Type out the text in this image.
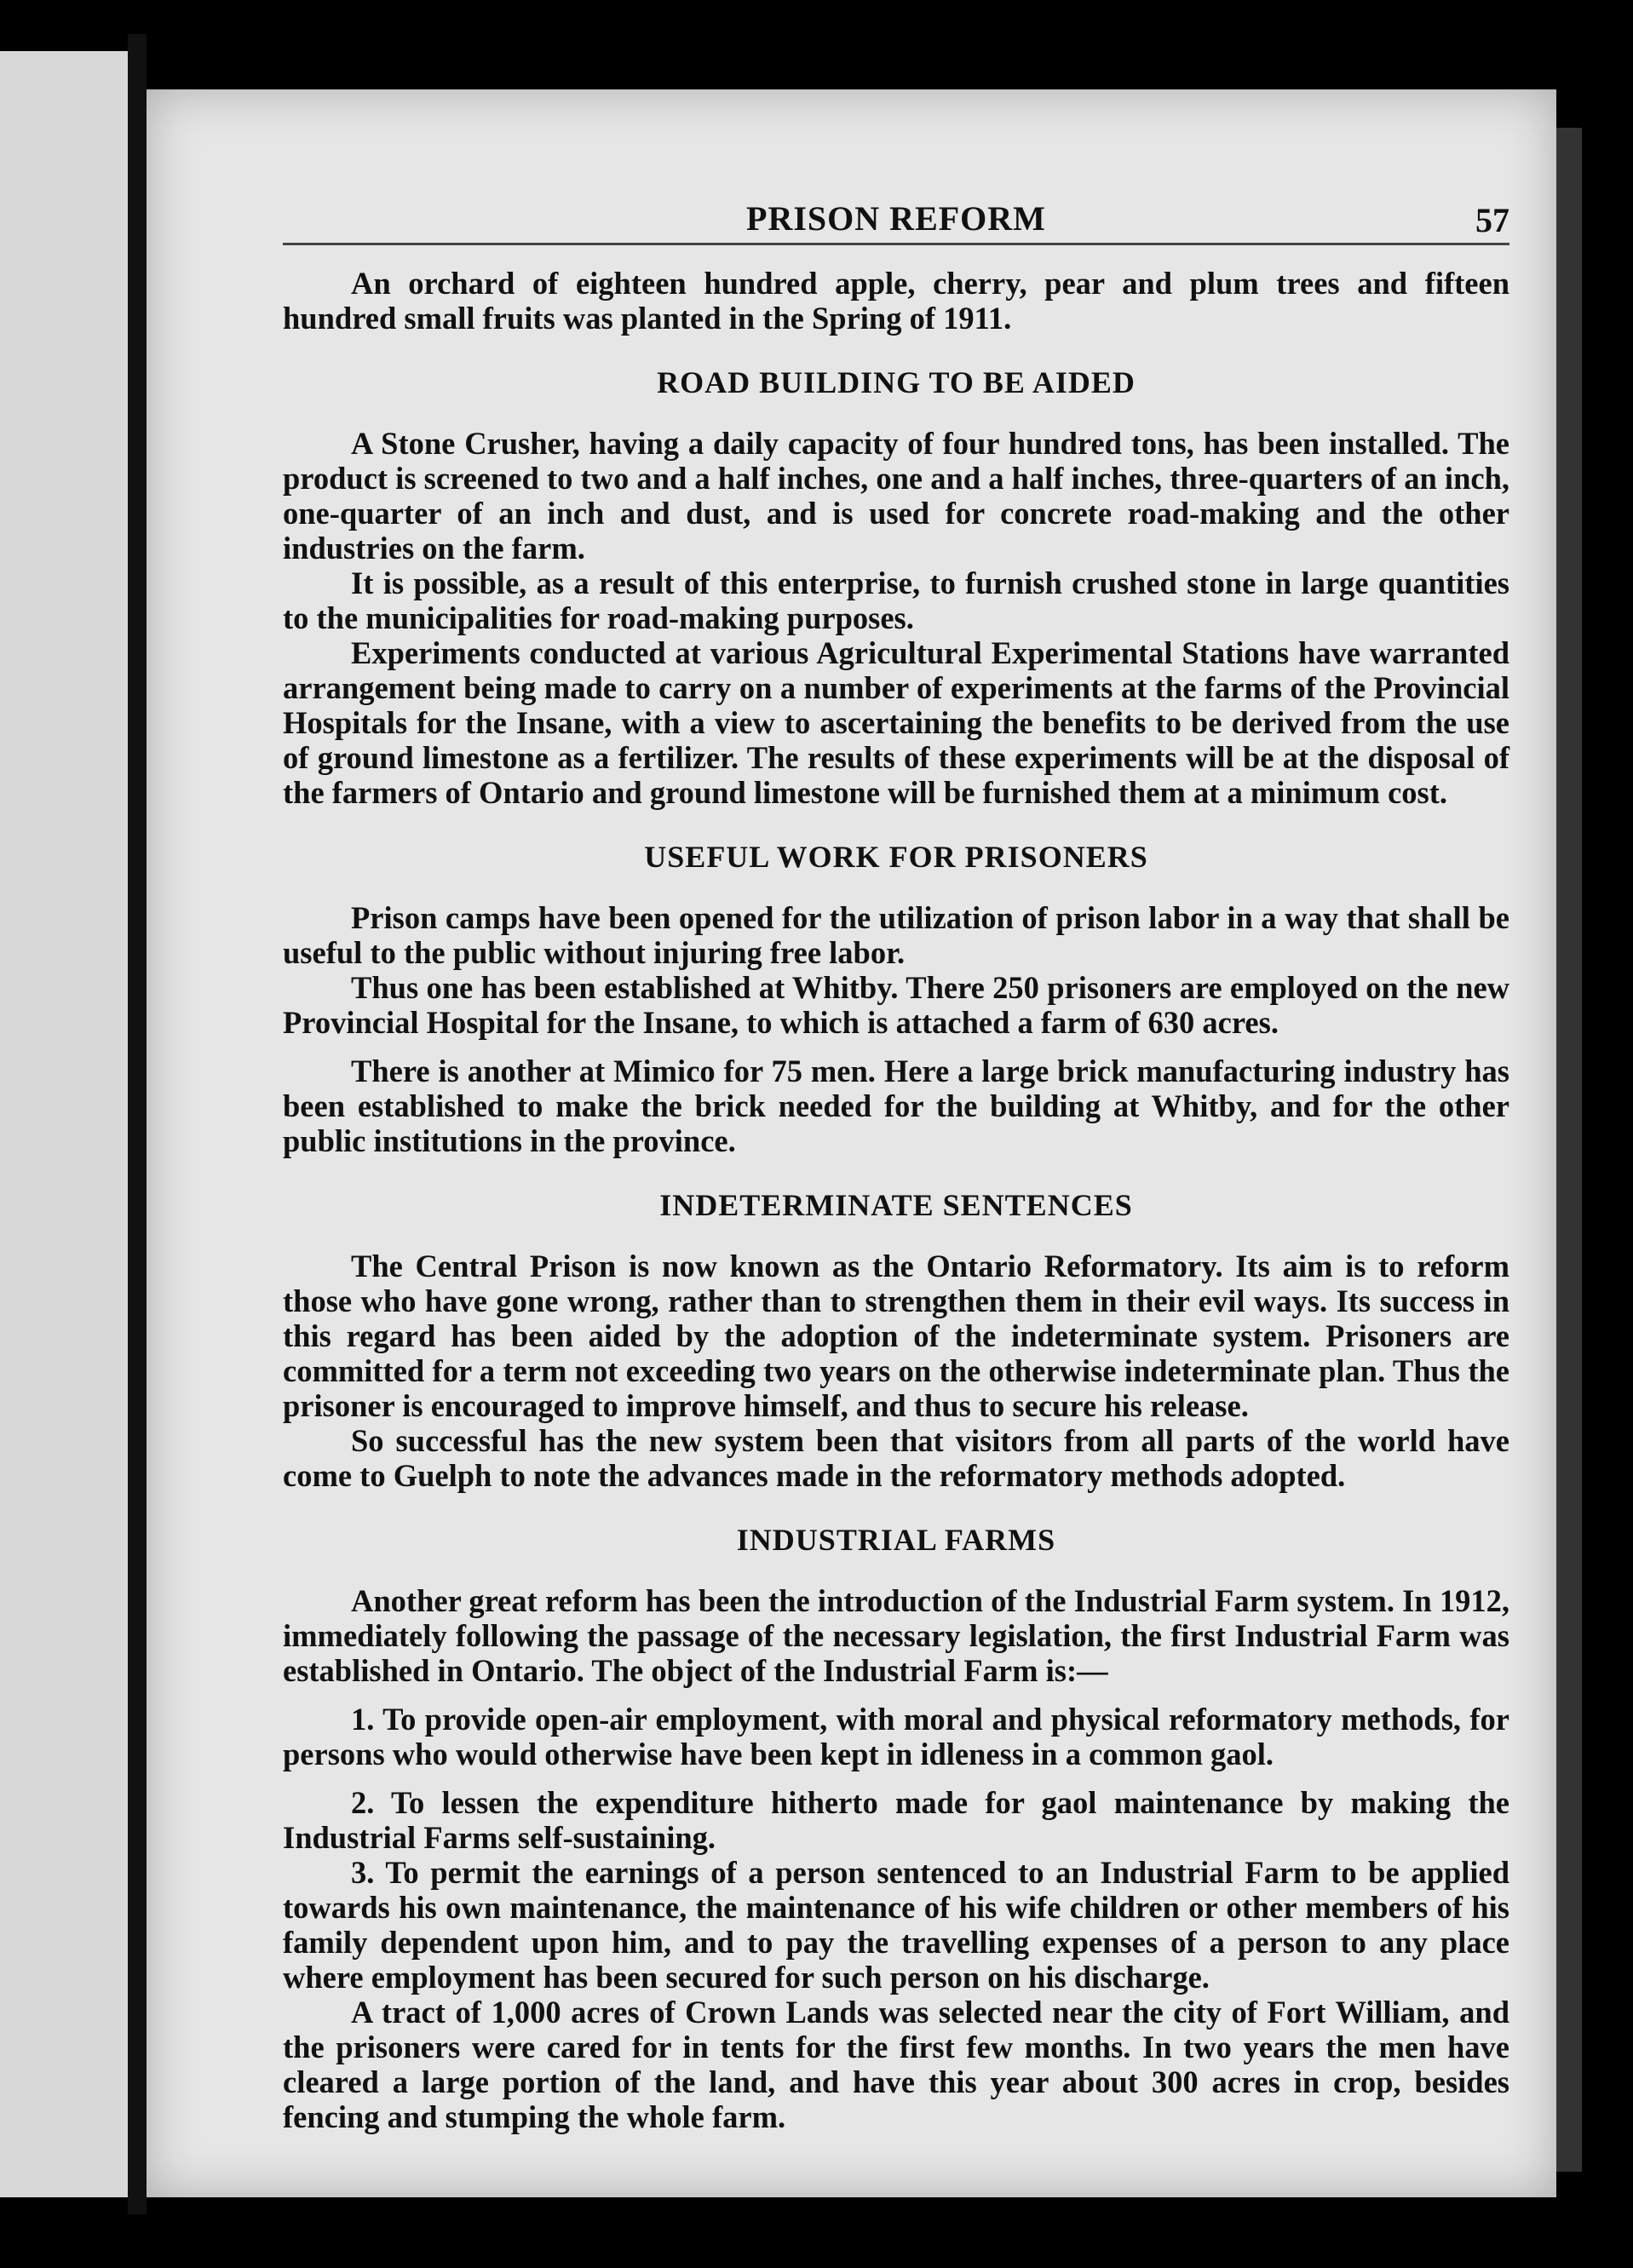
PRISON REFORM	57

An orchard of eighteen hundred apple, cherry, pear and plum trees and fifteen hundred small fruits was planted in the Spring of 1911.

ROAD BUILDING TO BE AIDED

A Stone Crusher, having a daily capacity of four hundred tons, has been installed. The product is screened to two and a half inches, one and a half inches, three-quarters of an inch, one-quarter of an inch and dust, and is used for concrete road-making and the other industries on the farm.

It is possible, as a result of this enterprise, to furnish crushed stone in large quantities to the municipalities for road-making purposes.

Experiments conducted at various Agricultural Experimental Stations have warranted arrangement being made to carry on a number of experiments at the farms of the Provincial Hospitals for the Insane, with a view to ascertaining the benefits to be derived from the use of ground limestone as a fertilizer. The results of these experiments will be at the disposal of the farmers of Ontario and ground limestone will be furnished them at a minimum cost.

USEFUL WORK FOR PRISONERS

Prison camps have been opened for the utilization of prison labor in a way that shall be useful to the public without injuring free labor.

Thus one has been established at Whitby. There 250 prisoners are employed on the new Provincial Hospital for the Insane, to which is attached a farm of 630 acres.

There is another at Mimico for 75 men. Here a large brick manufacturing industry has been established to make the brick needed for the building at Whitby, and for the other public institutions in the province.

INDETERMINATE SENTENCES

The Central Prison is now known as the Ontario Reformatory. Its aim is to reform those who have gone wrong, rather than to strengthen them in their evil ways. Its success in this regard has been aided by the adoption of the indeterminate system. Prisoners are committed for a term not exceeding two years on the otherwise indeterminate plan. Thus the prisoner is encouraged to improve himself, and thus to secure his release.

So successful has the new system been that visitors from all parts of the world have come to Guelph to note the advances made in the reformatory methods adopted.

INDUSTRIAL FARMS

Another great reform has been the introduction of the Industrial Farm system. In 1912, immediately following the passage of the necessary legislation, the first Industrial Farm was established in Ontario. The object of the Industrial Farm is:—

1. To provide open-air employment, with moral and physical reformatory methods, for persons who would otherwise have been kept in idleness in a common gaol.

2. To lessen the expenditure hitherto made for gaol maintenance by making the Industrial Farms self-sustaining.

3. To permit the earnings of a person sentenced to an Industrial Farm to be applied towards his own maintenance, the maintenance of his wife children or other members of his family dependent upon him, and to pay the travelling expenses of a person to any place where employment has been secured for such person on his discharge.

A tract of 1,000 acres of Crown Lands was selected near the city of Fort William, and the prisoners were cared for in tents for the first few months. In two years the men have cleared a large portion of the land, and have this year about 300 acres in crop, besides fencing and stumping the whole farm.
